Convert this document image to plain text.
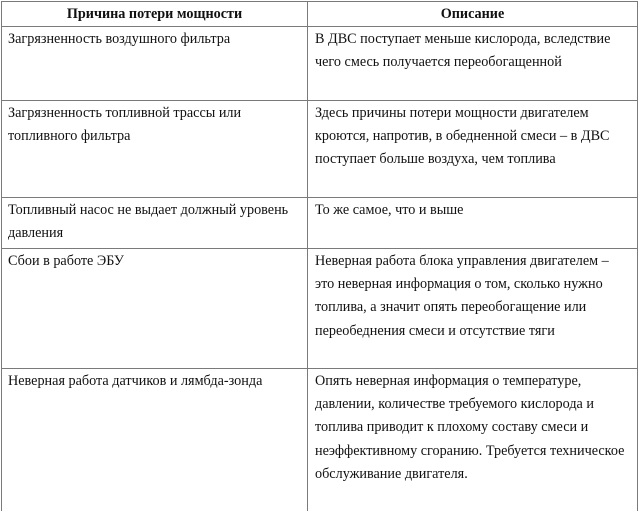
Причина потери мощности	Описание
Загрязненность воздушного фильтра	В ДВС поступает меньше кислорода, вследствие чего смесь получается переобогащенной
Загрязненность топливной трассы или топливного фильтра	Здесь причины потери мощности двигателем кроются, напротив, в обедненной смеси – в ДВС поступает больше воздуха, чем топлива
Топливный насос не выдает должный уровень давления	То же самое, что и выше
Сбои в работе ЭБУ	Неверная работа блока управления двигателем – это неверная информация о том, сколько нужно топлива, а значит опять переобогащение или переобеднения смеси и отсутствие тяги
Неверная работа датчиков и лямбда-зонда	Опять неверная информация о температуре, давлении, количестве требуемого кислорода и топлива приводит к плохому составу смеси и неэффективному сгоранию. Требуется техническое обслуживание двигателя.
